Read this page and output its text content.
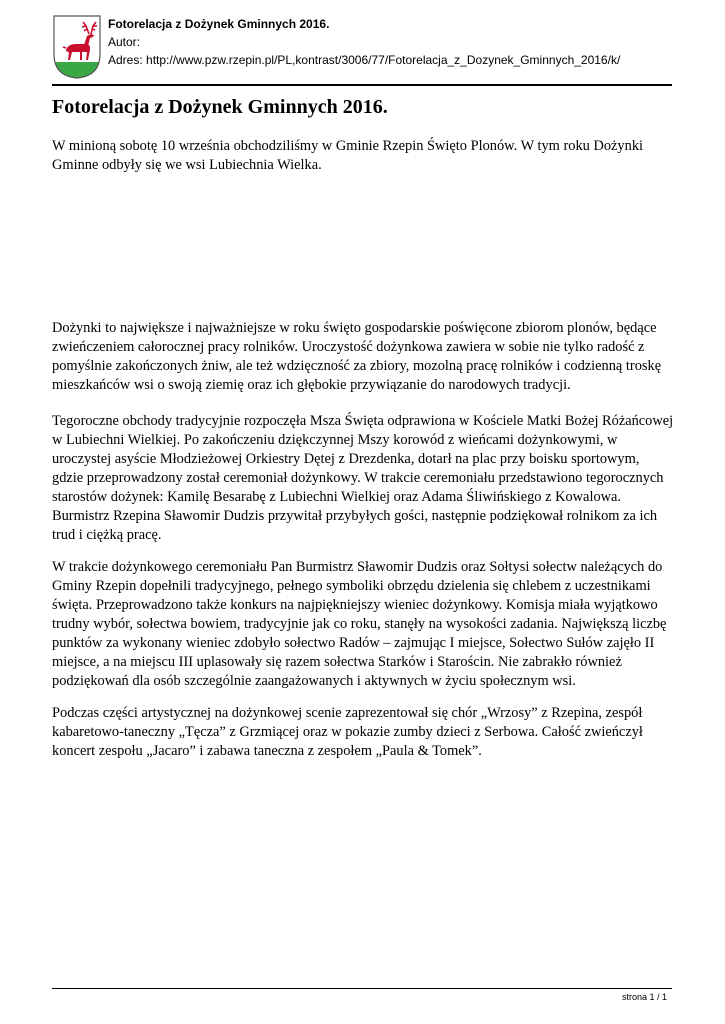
Fotorelacja z Dożynek Gminnych 2016.
Autor:
Adres: http://www.pzw.rzepin.pl/PL,kontrast/3006/77/Fotorelacja_z_Dozynek_Gminnych_2016/k/
Fotorelacja z Dożynek Gminnych 2016.

W minioną sobotę 10 września obchodziliśmy w Gminie Rzepin Święto Plonów. W tym roku Dożynki Gminne odbyły się we wsi Lubiechnia Wielka.

Dożynki to największe i najważniejsze w roku święto gospodarskie poświęcone zbiorom plonów, będące zwieńczeniem całorocznej pracy rolników. Uroczystość dożynkowa zawiera w sobie nie tylko radość z pomyślnie zakończonych żniw, ale też wdzięczność za zbiory, mozolną pracę rolników i codzienną troskę mieszkańców wsi o swoją ziemię oraz ich głębokie przywiązanie do narodowych tradycji.

Tegoroczne obchody tradycyjnie rozpoczęła Msza Święta odprawiona w Kościele Matki Bożej Różańcowej w Lubiechni Wielkiej. Po zakończeniu dziękczynnej Mszy korowód z wieńcami dożynkowymi, w uroczystej asyście Młodzieżowej Orkiestry Dętej z Drezdenka, dotarł na plac przy boisku sportowym, gdzie przeprowadzony został ceremoniał dożynkowy. W trakcie ceremoniału przedstawiono tegorocznych starostów dożynek: Kamilę Besarabę z Lubiechni Wielkiej oraz Adama Śliwińskiego z Kowalowa. Burmistrz Rzepina Sławomir Dudzis przywitał przybyłych gości, następnie podziękował rolnikom za ich trud i ciężką pracę.

W trakcie dożynkowego ceremoniału Pan Burmistrz Sławomir Dudzis oraz Sołtysi sołectw należących do Gminy Rzepin dopełnili tradycyjnego, pełnego symboliki obrzędu dzielenia się chlebem z uczestnikami święta. Przeprowadzono także konkurs na najpiękniejszy wieniec dożynkowy. Komisja miała wyjątkowo trudny wybór, sołectwa bowiem, tradycyjnie jak co roku, stanęły na wysokości zadania. Największą liczbę punktów za wykonany wieniec zdobyło sołectwo Radów – zajmując I miejsce, Sołectwo Sułów zajęło II miejsce, a na miejscu III uplasowały się razem sołectwa Starków i Starościn. Nie zabrakło również podziękowań dla osób szczególnie zaangażowanych i aktywnych w życiu społecznym wsi.

Podczas części artystycznej na dożynkowej scenie zaprezentował się chór „Wrzosy” z Rzepina, zespół kabaretowo-taneczny „Tęcza” z Grzmiącej oraz w pokazie zumby dzieci z Serbowa. Całość zwieńczył koncert zespołu „Jacaro” i zabawa taneczna z zespołem „Paula & Tomek”.

strona 1 / 1
